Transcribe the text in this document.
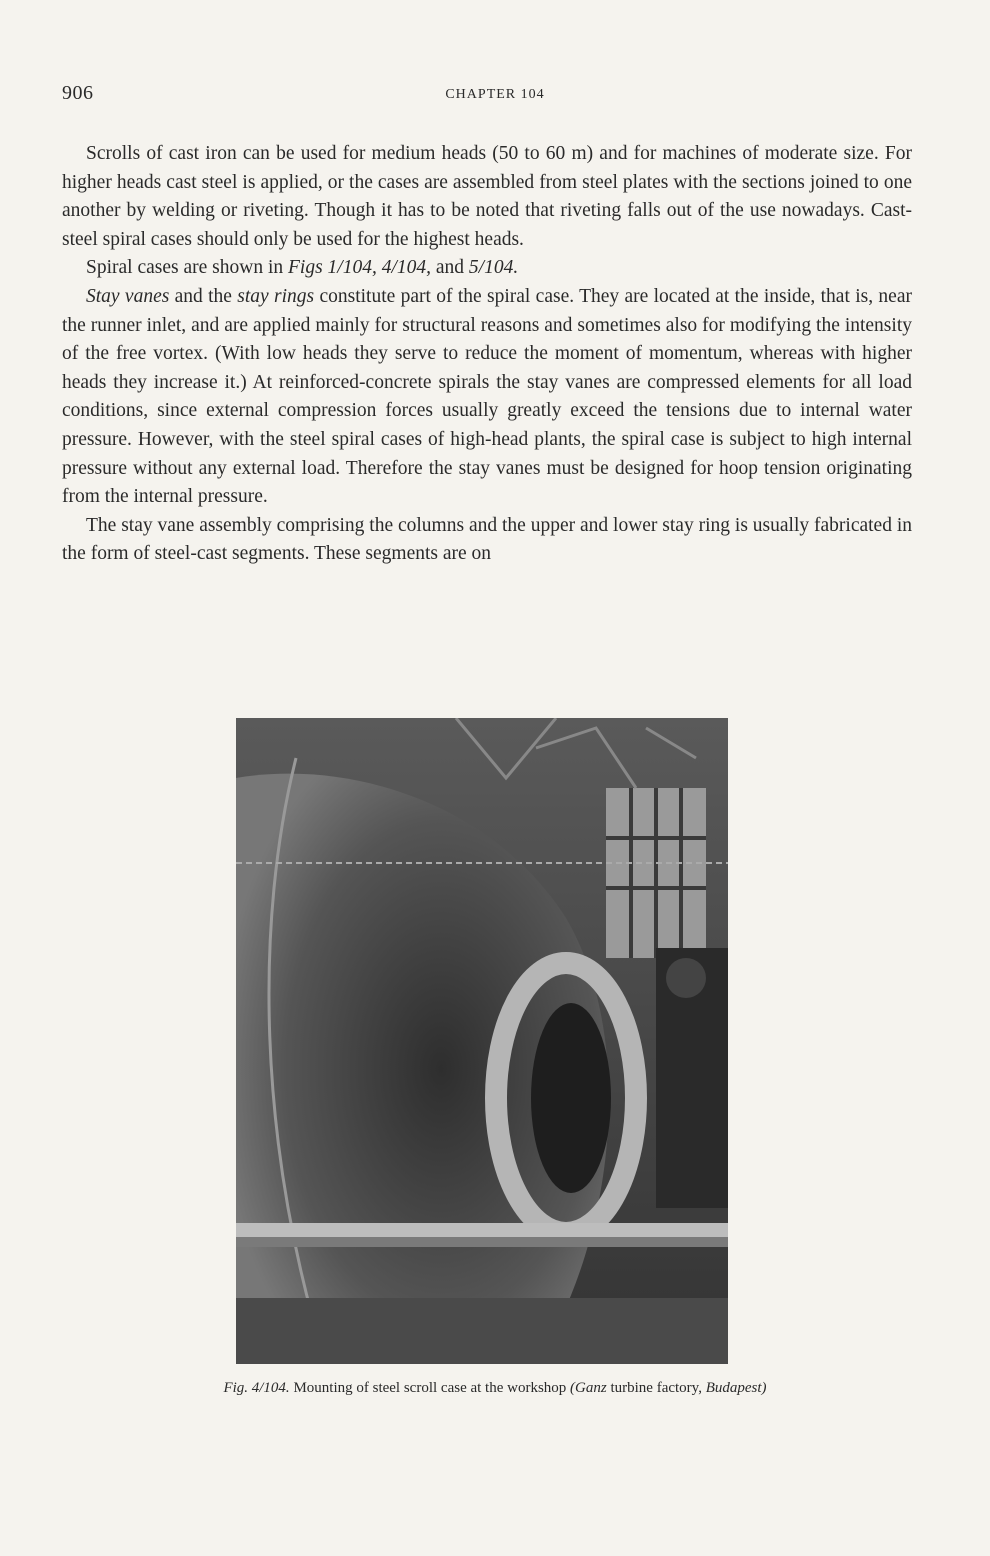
906	CHAPTER 104

Scrolls of cast iron can be used for medium heads (50 to 60 m) and for machines of moderate size. For higher heads cast steel is applied, or the cases are assembled from steel plates with the sections joined to one another by welding or riveting. Though it has to be noted that riveting falls out of the use nowadays. Cast-steel spiral cases should only be used for the highest heads.

Spiral cases are shown in Figs 1/104, 4/104, and 5/104.

Stay vanes and the stay rings constitute part of the spiral case. They are located at the inside, that is, near the runner inlet, and are applied mainly for structural reasons and sometimes also for modifying the intensity of the free vortex. (With low heads they serve to reduce the moment of momentum, whereas with higher heads they increase it.) At reinforced-concrete spirals the stay vanes are compressed elements for all load conditions, since external compression forces usually greatly exceed the tensions due to internal water pressure. However, with the steel spiral cases of high-head plants, the spiral case is subject to high internal pressure without any external load. Therefore the stay vanes must be designed for hoop tension originating from the internal pressure.

The stay vane assembly comprising the columns and the upper and lower stay ring is usually fabricated in the form of steel-cast segments. These segments are on

Fig. 4/104. Mounting of steel scroll case at the workshop (Ganz turbine factory, Budapest)
